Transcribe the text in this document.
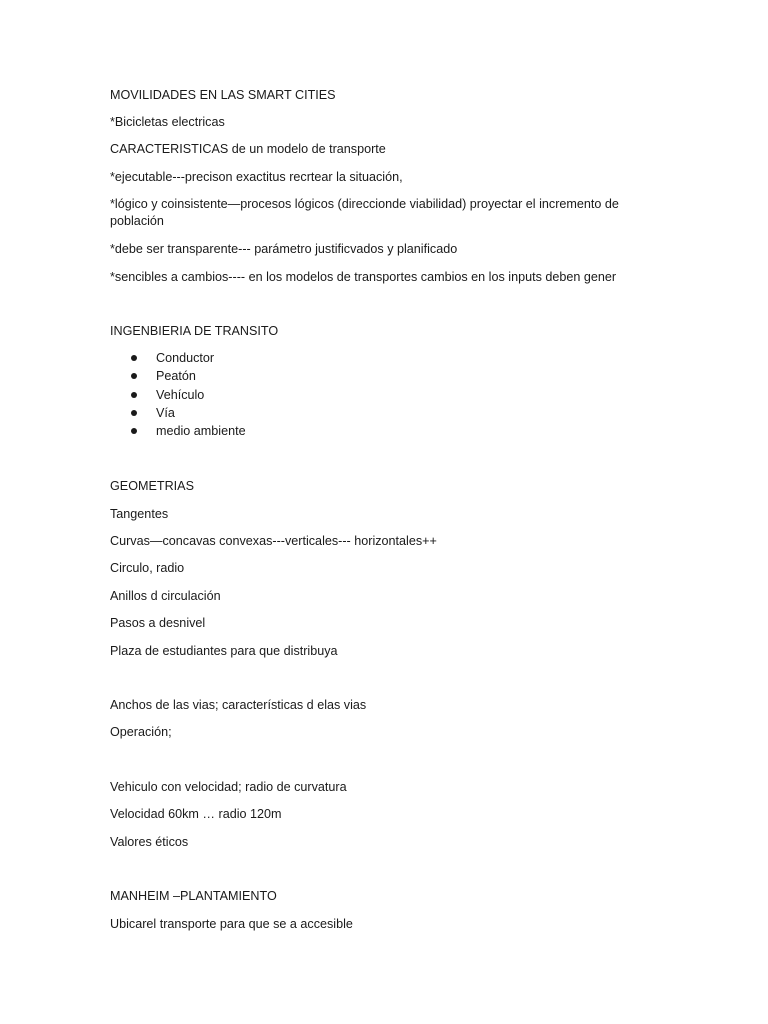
MOVILIDADES EN LAS SMART CITIES
*Bicicletas electricas
CARACTERISTICAS de un modelo de transporte
*ejecutable---precison exactitus recrtear la situación,
*lógico y coinsistente—procesos lógicos (direccionde viabilidad) proyectar el incremento de población
*debe ser transparente--- parámetro justificvados y planificado
*sencibles a cambios---- en los modelos de transportes cambios en los inputs deben gener
INGENBIERIA DE TRANSITO
Conductor
Peatón
Vehículo
Vía
medio ambiente
GEOMETRIAS
Tangentes
Curvas—concavas convexas---verticales--- horizontales++
Circulo, radio
Anillos d circulación
Pasos a desnivel
Plaza de estudiantes para que distribuya
Anchos de las vias; características d elas vias
Operación;
Vehiculo con velocidad; radio de curvatura
Velocidad 60km … radio 120m
Valores éticos
MANHEIM –PLANTAMIENTO
Ubicarel transporte para que se a accesible
